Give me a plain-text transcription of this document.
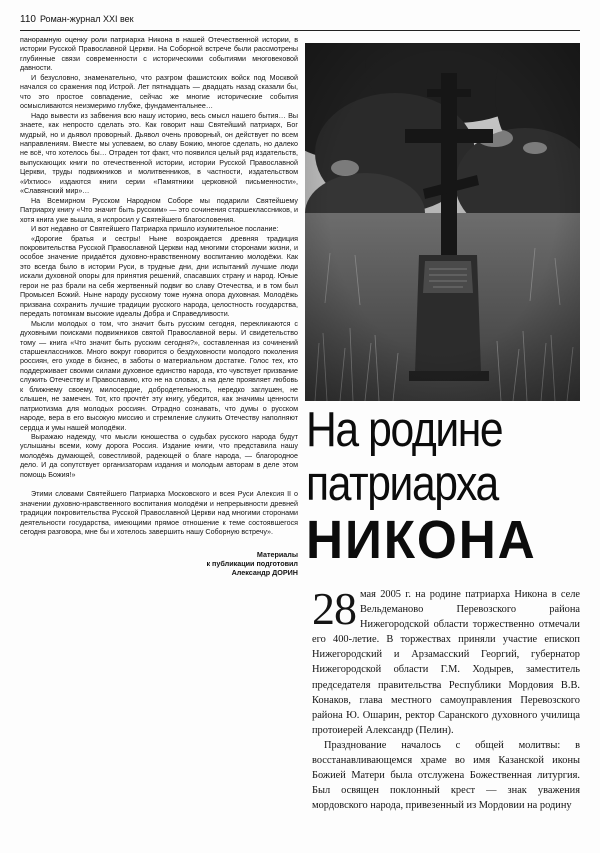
110 Роман-журнал XXI век

панорамную оценку роли патриарха Никона в нашей Отечественной истории, в истории Русской Православной Церкви. На Соборной встрече были рассмотрены глубинные связи современности с историческими событиями многовековой давности.

И безусловно, знаменательно, что разгром фашистских войск под Москвой начался со сражения под Истрой. Лет пятнадцать — двадцать назад сказали бы, что это простое совпадение, сейчас же многие исторические события осмысливаются неизмеримо глубже, фундаментальнее…

Надо вывести из забвения всю нашу историю, весь смысл нашего бытия… Вы знаете, как непросто сделать это. Как говорит наш Святейший патриарх, Бог мудрый, но и дьявол проворный. Дьявол очень проворный, он действует по всем направлениям. Вместе мы успеваем, во славу Божию, многое сделать, но далеко не всё, что хотелось бы… Отраден тот факт, что появился целый ряд издательств, выпускающих книги по отечественной истории, истории Русской Православной Церкви, труды подвижников и молитвенников, в частности, издательством «Ихтиос» издаются книги серии «Памятники церковной письменности», «Славянский мир»…

На Всемирном Русском Народном Соборе мы подарили Святейшему Патриарху книгу «Что значит быть русским» — это сочинения старшеклассников, и хотя книга уже вышла, я испросил у Святейшего благословения.

И вот недавно от Святейшего Патриарха пришло изумительное послание:

«Дорогие братья и сестры! Ныне возрождается древняя традиция покровительства Русской Православной Церкви над многими сторонами жизни, и особое значение придаётся духовно-нравственному воспитанию молодёжи. Как это всегда было в истории Руси, в трудные дни, дни испытаний лучшие люди искали духовной опоры для принятия решений, спасавших страну и народ. Юные герои не раз брали на себя жертвенный подвиг во славу Отечества, и в том был Промысел Божий. Ныне народу русскому тоже нужна опора духовная. Молодёжь призвана сохранить лучшие традиции русского народа, целостность государства, передать потомкам высокие идеалы Добра и Справедливости.

Мысли молодых о том, что значит быть русским сегодня, перекликаются с духовными поисками подвижников святой Православной веры. И свидетельство тому — книга «Что значит быть русским сегодня?», составленная из сочинений старшеклассников. Много вокруг говорится о бездуховности молодого поколения россиян, его уходе в бизнес, в заботы о материальном достатке. Голос тех, кто поддерживает своими силами духовное единство народа, кто чувствует призвание служить Отечеству и Православию, кто не на словах, а на деле проявляет любовь к ближнему своему, милосердие, добродетельность, нередко заглушен, не слышен, не замечен. Тот, кто прочтёт эту книгу, убедится, как значимы ценности патриотизма для молодых россиян. Отрадно сознавать, что думы о русском народе, вера в его высокую миссию и стремление служить Отечеству наполняют сердца и умы нашей молодёжи.

Выражаю надежду, что мысли юношества о судьбах русского народа будут услышаны всеми, кому дорога Россия. Издание книги, что представила нашу молодёжь думающей, совестливой, радеющей о благе народа, — благородное дело. И да сопутствует организаторам издания и молодым авторам в деле этом помощь Божия!»

Этими словами Святейшего Патриарха Московского и всея Руси Алексия II о значении духовно-нравственного воспитания молодёжи и непрерывности древней традиции покровительства Русской Православной Церкви над многими сторонами деятельности государства, имеющими прямое отношение к теме состоявшегося сегодня разговора, мне бы и хотелось завершить нашу Соборную встречу».

Материалы
к публикации подготовил
Александр ДОРИН
На родине
патриарха
НИКОНА

28 мая 2005 г. на родине патриарха Никона в селе Вельдеманово Перевозского района Нижегородской области торжественно отмечали его 400-летие. В торжествах приняли участие епископ Нижегородский и Арзамасский Георгий, губернатор Нижегородской области Г.М. Ходырев, заместитель председателя правительства Республики Мордовия В.В. Конаков, глава местного самоуправления Перевозского района Ю. Ошарин, ректор Саранского духовного училища протоиерей Александр (Пелин).

Празднование началось с общей молитвы: в восстанавливающемся храме во имя Казанской иконы Божией Матери была отслужена Божественная литургия. Был освящен поклонный крест — знак уважения мордовского народа, привезенный из Мордовии на родину
